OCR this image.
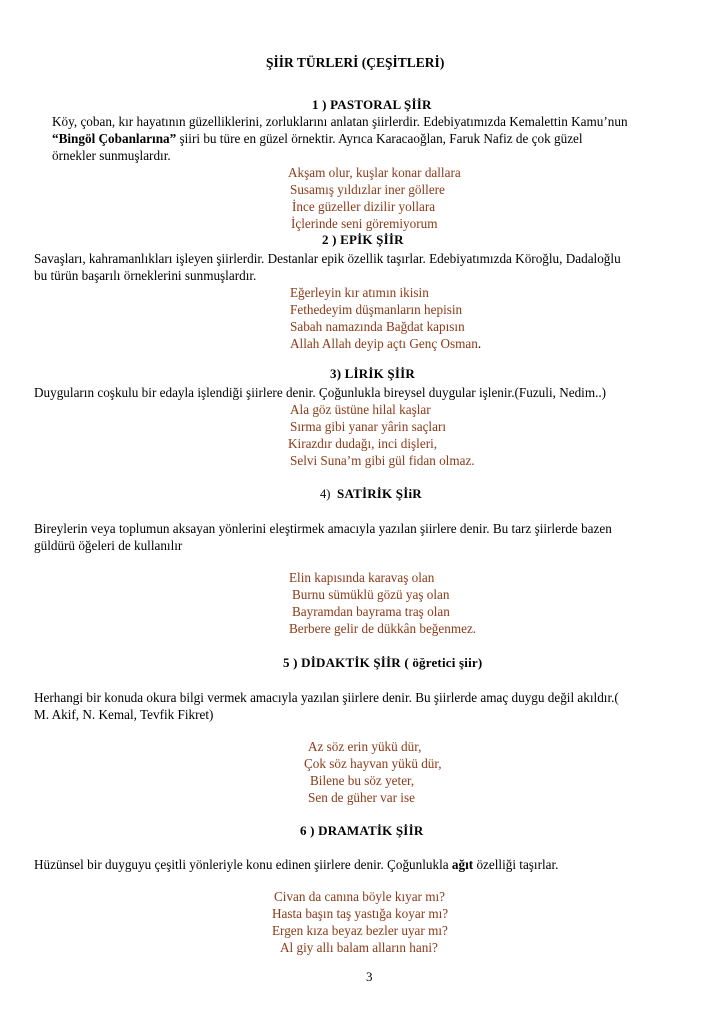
ŞİİR TÜRLERİ (ÇEŞİTLERİ)
1 ) PASTORAL ŞİİR
Köy, çoban, kır hayatının güzelliklerini, zorluklarını anlatan şiirlerdir. Edebiyatımızda Kemalettin Kamu’nun
“Bingöl Çobanlarına” şiiri bu türe en güzel örnektir. Ayrıca Karacaoğlan, Faruk Nafiz de çok güzel
örnekler sunmuşlardır.
Akşam olur, kuşlar konar dallara
Susamış yıldızlar iner göllere
İnce güzeller dizilir yollara
İçlerinde seni göremiyorum
2 ) EPİK ŞİİR
Savaşları, kahramanlıkları işleyen şiirlerdir. Destanlar epik özellik taşırlar. Edebiyatımızda Köroğlu, Dadaloğlu
bu türün başarılı örneklerini sunmuşlardır.
Eğerleyin kır atımın ikisin
Fethedeyim düşmanların hepisin
Sabah namazında Bağdat kapısın
Allah Allah deyip açtı Genç Osman.
3) LİRİK ŞİİR
Duyguların coşkulu bir edayla işlendiği şiirlere denir. Çoğunlukla bireysel duygular işlenir.(Fuzuli, Nedim..)
Ala göz üstüne hilal kaşlar
Sırma gibi yanar yârin saçları
Kirazdır dudağı, inci dişleri,
Selvi Suna’m gibi gül fidan olmaz.
4) SATİRİK ŞİiR
Bireylerin veya toplumun aksayan yönlerini eleştirmek amacıyla yazılan şiirlere denir. Bu tarz şiirlerde bazen
güldürü öğeleri de kullanılır
Elin kapısında karavaş olan
Burnu sümüklü gözü yaş olan
Bayramdan bayrama traş olan
Berbere gelir de dükkân beğenmez.
5 ) DİDAKTİK ŞİİR ( öğretici şiir)
Herhangi bir konuda okura bilgi vermek amacıyla yazılan şiirlere denir. Bu şiirlerde amaç duygu değil akıldır.(
M. Akif, N. Kemal, Tevfik Fikret)
Az söz erin yükü dür,
Çok söz hayvan yükü dür,
Bilene bu söz yeter,
Sen de güher var ise
6 ) DRAMATİK ŞİİR
Hüzünsel bir duyguyu çeşitli yönleriyle konu edinen şiirlere denir. Çoğunlukla ağıt özelliği taşırlar.
Civan da canına böyle kıyar mı?
Hasta başın taş yastığa koyar mı?
Ergen kıza beyaz bezler uyar mı?
Al giy allı balam alların hani?
3
